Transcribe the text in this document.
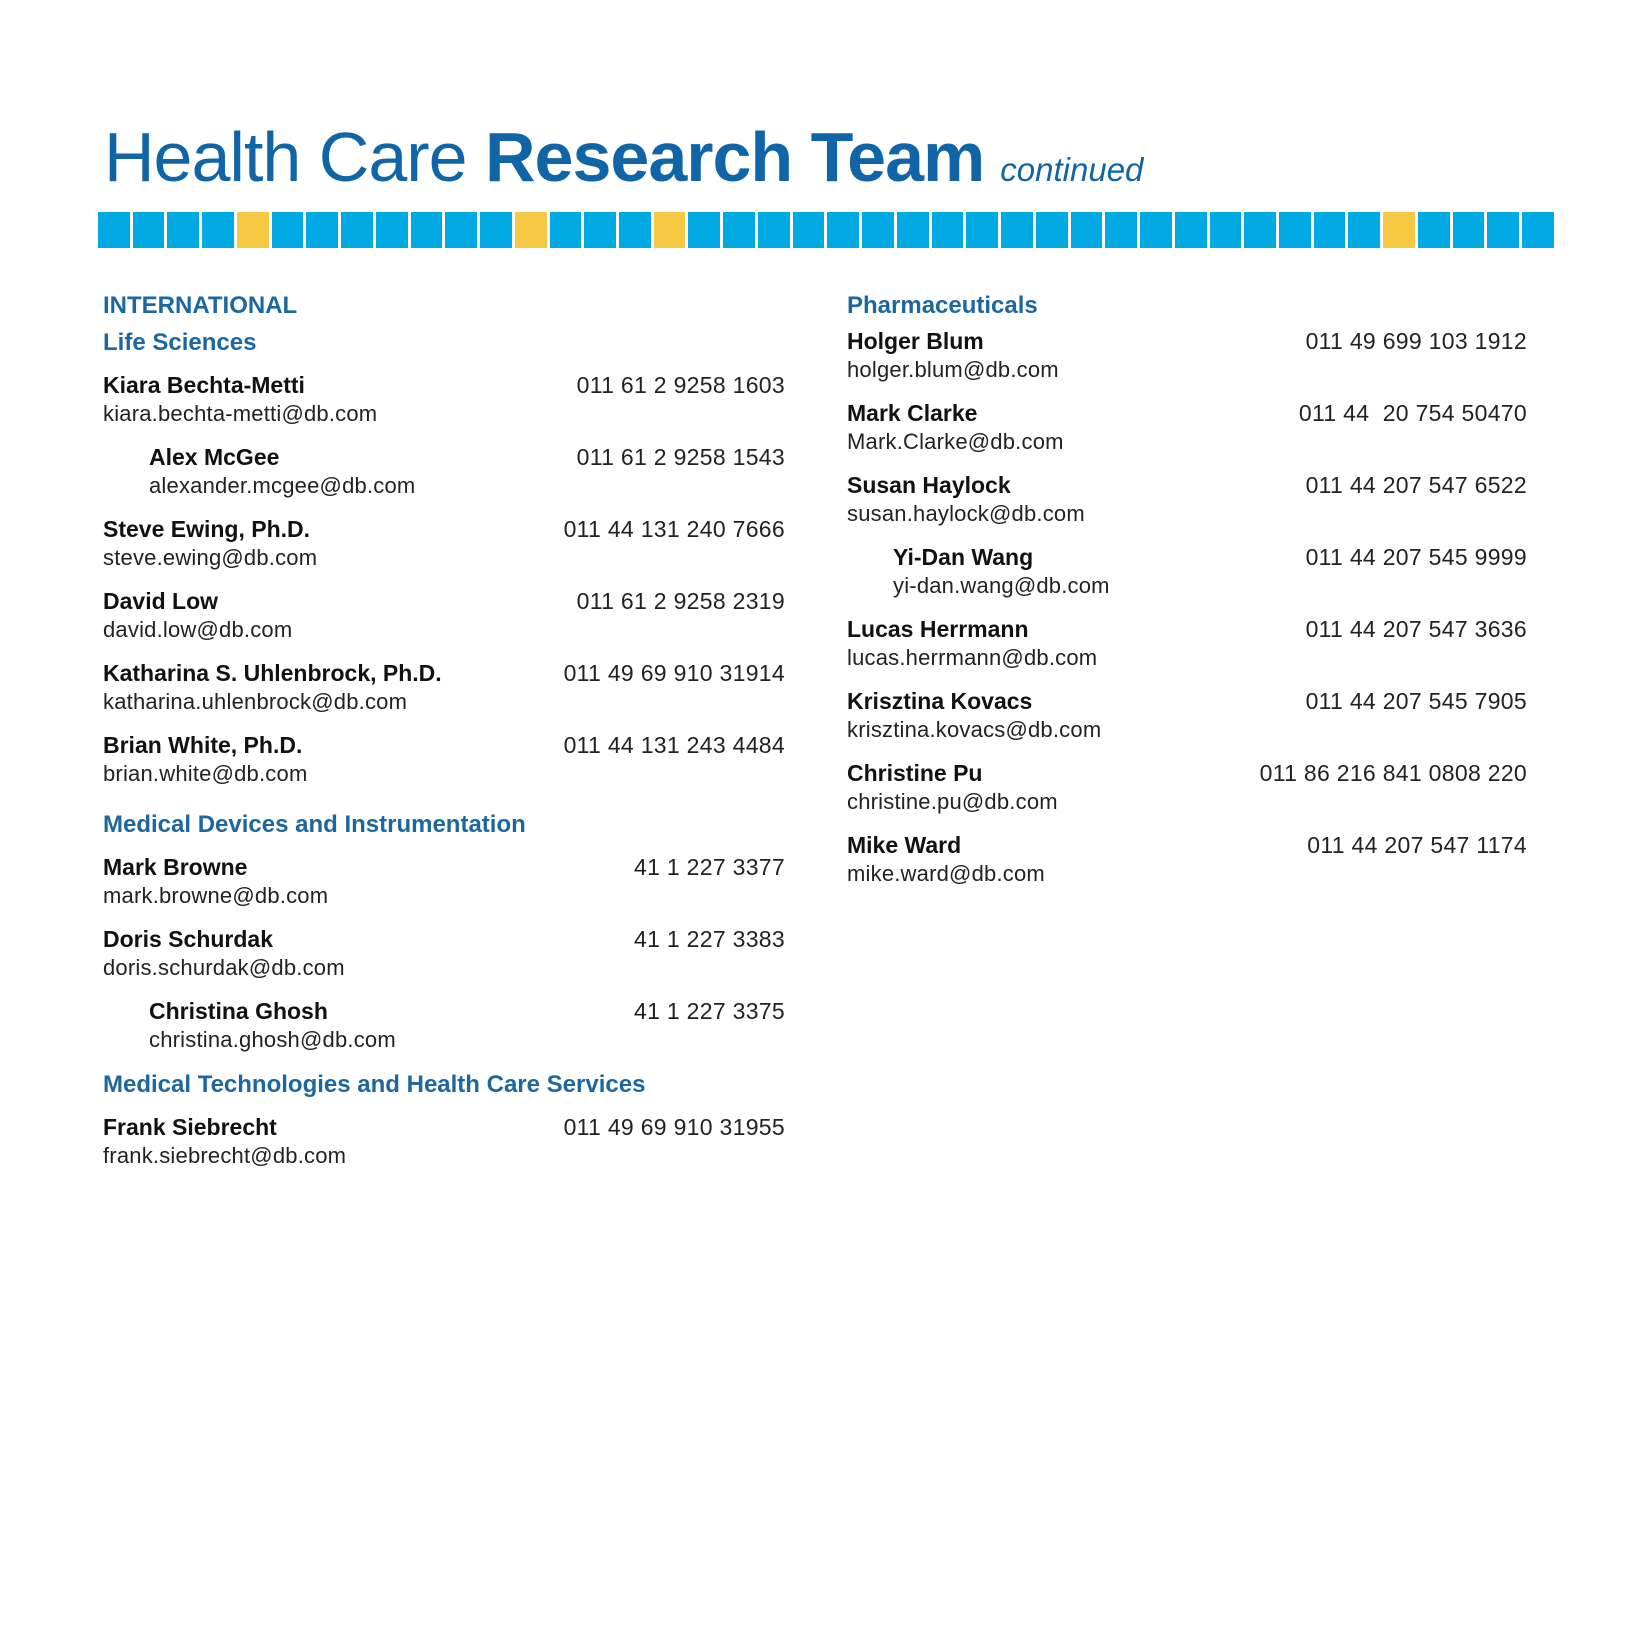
Health Care Research Team continued
INTERNATIONAL
Life Sciences
Kiara Bechta-Metti	011 61 2 9258 1603
kiara.bechta-metti@db.com
Alex McGee	011 61 2 9258 1543
alexander.mcgee@db.com
Steve Ewing, Ph.D.	011 44 131 240 7666
steve.ewing@db.com
David Low	011 61 2 9258 2319
david.low@db.com
Katharina S. Uhlenbrock, Ph.D.	011 49 69 910 31914
katharina.uhlenbrock@db.com
Brian White, Ph.D.	011 44 131 243 4484
brian.white@db.com
Medical Devices and Instrumentation
Mark Browne	41 1 227 3377
mark.browne@db.com
Doris Schurdak	41 1 227 3383
doris.schurdak@db.com
Christina Ghosh	41 1 227 3375
christina.ghosh@db.com
Medical Technologies and Health Care Services
Frank Siebrecht	011 49 69 910 31955
frank.siebrecht@db.com
Pharmaceuticals
Holger Blum	011 49 699 103 1912
holger.blum@db.com
Mark Clarke	011 44  20 754 50470
Mark.Clarke@db.com
Susan Haylock	011 44 207 547 6522
susan.haylock@db.com
Yi-Dan Wang	011 44 207 545 9999
yi-dan.wang@db.com
Lucas Herrmann	011 44 207 547 3636
lucas.herrmann@db.com
Krisztina Kovacs	011 44 207 545 7905
krisztina.kovacs@db.com
Christine Pu	011 86 216 841 0808 220
christine.pu@db.com
Mike Ward	011 44 207 547 1174
mike.ward@db.com
